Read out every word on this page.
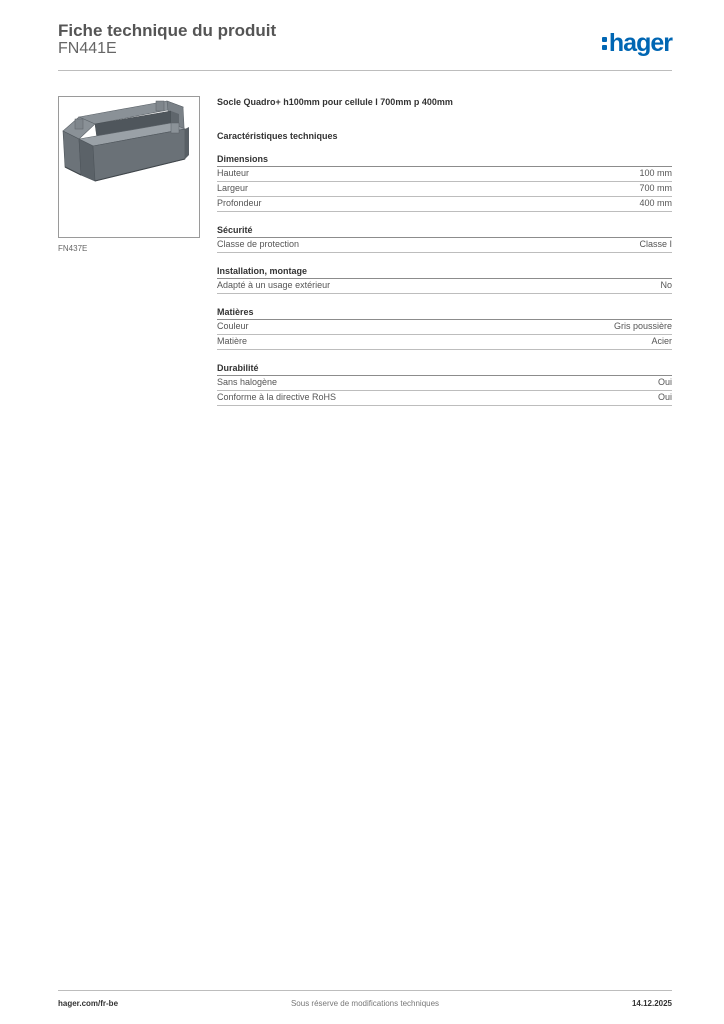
Fiche technique du produit
FN441E	hager
FN437E
Socle Quadro+ h100mm pour cellule l 700mm p 400mm
Caractéristiques techniques
Dimensions
Hauteur	100 mm
Largeur	700 mm
Profondeur	400 mm
Sécurité
Classe de protection	Classe I
Installation, montage
Adapté à un usage extérieur	No
Matières
Couleur	Gris poussière
Matière	Acier
Durabilité
Sans halogène	Oui
Conforme à la directive RoHS	Oui
hager.com/fr-be	Sous réserve de modifications techniques	14.12.2025
